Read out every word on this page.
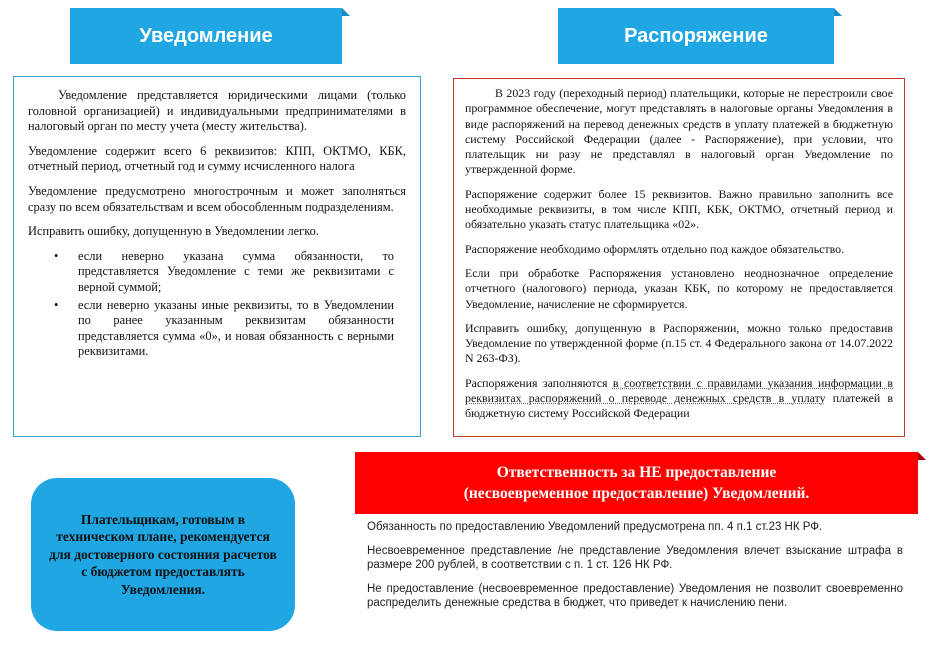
Уведомление	Распоряжение

Уведомление представляется юридическими лицами (только головной организацией) и индивидуальными предпринимателями в налоговый орган по месту учета (месту жительства).

Уведомление содержит всего 6 реквизитов: КПП, ОКТМО, КБК, отчетный период, отчетный год и сумму исчисленного налога

Уведомление предусмотрено многострочным и может заполняться сразу по всем обязательствам и всем обособленным подразделениям.

Исправить ошибку, допущенную в Уведомлении легко.

• если неверно указана сумма обязанности, то представляется Уведомление с теми же реквизитами с верной суммой;
• если неверно указаны иные реквизиты, то в Уведомлении по ранее указанным реквизитам обязанности представляется сумма «0», и новая обязанность с верными реквизитами.

В 2023 году (переходный период) плательщики, которые не перестроили свое программное обеспечение, могут представлять в налоговые органы Уведомления в виде распоряжений на перевод денежных средств в уплату платежей в бюджетную систему Российской Федерации (далее - Распоряжение), при условии, что плательщик ни разу не представлял в налоговый орган Уведомление по утвержденной форме.

Распоряжение содержит более 15 реквизитов. Важно правильно заполнить все необходимые реквизиты, в том числе КПП, КБК, ОКТМО, отчетный период и обязательно указать статус плательщика «02».

Распоряжение необходимо оформлять отдельно под каждое обязательство.

Если при обработке Распоряжения установлено неоднозначное определение отчетного (налогового) периода, указан КБК, по которому не предоставляется Уведомление, начисление не сформируется.

Исправить ошибку, допущенную в Распоряжении, можно только предоставив Уведомление по утвержденной форме (п.15 ст. 4 Федерального закона от 14.07.2022 N 263-ФЗ).

Распоряжения заполняются в соответствии с правилами указания информации в реквизитах распоряжений о переводе денежных средств в уплату платежей в бюджетную систему Российской Федерации

Плательщикам, готовым в техническом плане, рекомендуется для достоверного состояния расчетов с бюджетом предоставлять Уведомления.
Ответственность за НЕ предоставление
(несвоевременное предоставление) Уведомлений.

Обязанность по предоставлению Уведомлений предусмотрена пп. 4 п.1 ст.23 НК РФ.

Несвоевременное представление /не представление Уведомления влечет взыскание штрафа в размере 200 рублей, в соответствии с п. 1 ст. 126 НК РФ.

Не предоставление (несвоевременное предоставление) Уведомления не позволит своевременно распределить денежные средства в бюджет, что приведет к начислению пени.
